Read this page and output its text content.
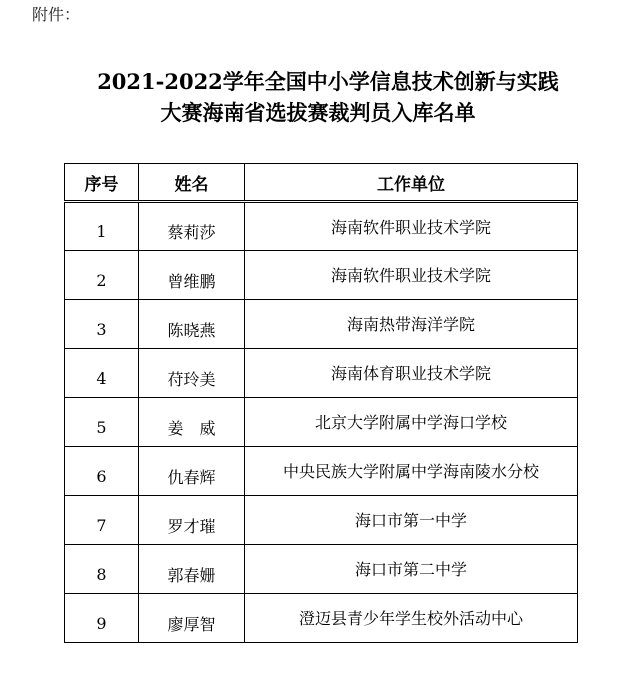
附件：
2021-2022学年全国中小学信息技术创新与实践
大赛海南省选拔赛裁判员入库名单
序号	姓名	工作单位
1	蔡莉莎	海南软件职业技术学院
2	曾维鹏	海南软件职业技术学院
3	陈晓燕	海南热带海洋学院
4	苻玲美	海南体育职业技术学院
5	姜　威	北京大学附属中学海口学校
6	仇春辉	中央民族大学附属中学海南陵水分校
7	罗才璀	海口市第一中学
8	郭春姗	海口市第二中学
9	廖厚智	澄迈县青少年学生校外活动中心
